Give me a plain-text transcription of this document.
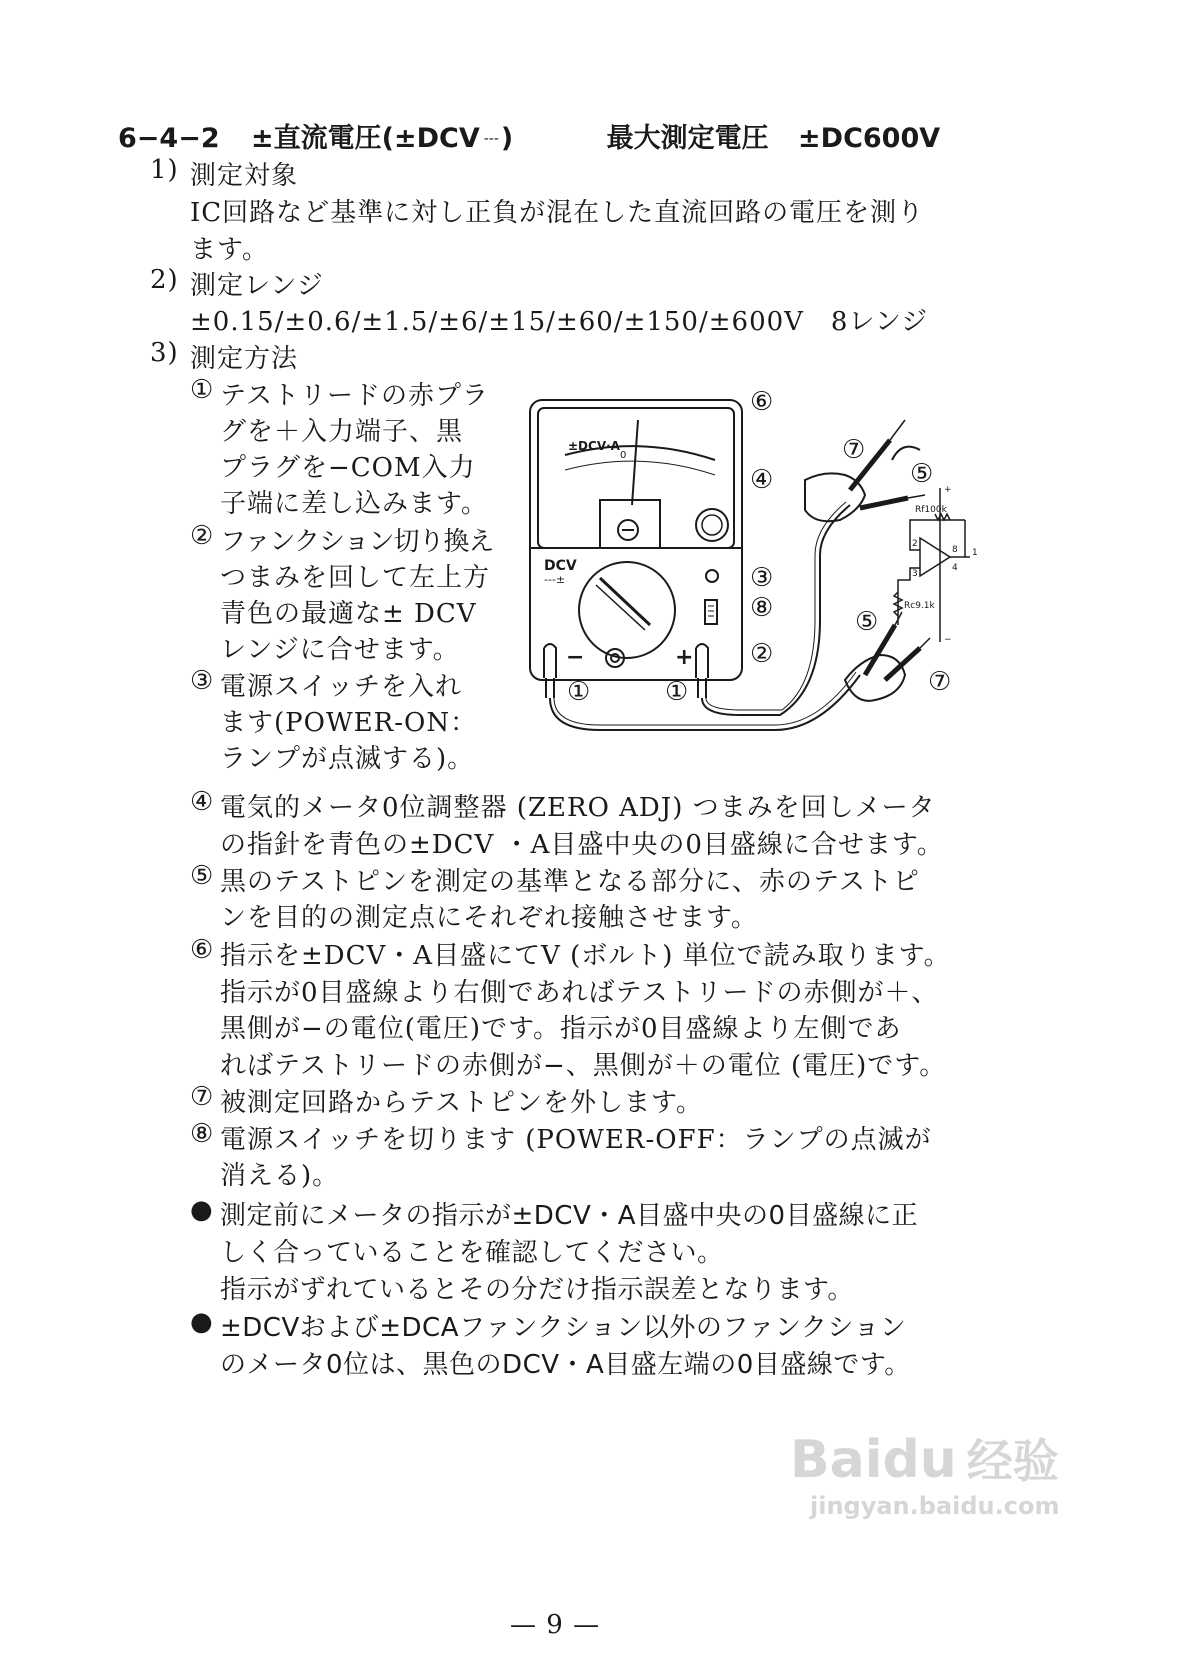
6−4−2 ±直流電圧(±DCV ---)	最大測定電圧 ±DC600V
1) 測定対象
IC回路など基準に対し正負が混在した直流回路の電圧を測り
ます。
2) 測定レンジ
±0.15/±0.6/±1.5/±6/±15/±60/±150/±600V　8レンジ
3) 測定方法
① テストリードの赤プラ
グを＋入力端子、黒
プラグを−COM入力
子端に差し込みます。
② ファンクション切り換え
つまみを回して左上方
青色の最適な± DCV
レンジに合せます。
③ 電源スイッチを入れ
ます(POWER-ON：
ランプが点滅する)。
±DCV·A
0
DCV
---±
−	+
①	①
②
③
④	⑤
⑤
⑥
⑦
⑦
⑧
+
−
Rf100k
Rc9.1k
2
3
8
4
1
④ 電気的メータ0位調整器 (ZERO ADJ) つまみを回しメータ
の指針を青色の±DCV ・A目盛中央の0目盛線に合せます。
⑤ 黒のテストピンを測定の基準となる部分に、赤のテストピ
ンを目的の測定点にそれぞれ接触させます。
⑥ 指示を±DCV・A目盛にてV (ボルト) 単位で読み取ります。
指示が0目盛線より右側であればテストリードの赤側が＋、
黒側が−の電位(電圧)です。指示が0目盛線より左側であ
ればテストリードの赤側が−、黒側が＋の電位 (電圧)です。
⑦ 被測定回路からテストピンを外します。
⑧ 電源スイッチを切ります (POWER-OFF：ランプの点滅が
消える)。
● 測定前にメータの指示が±DCV・A目盛中央の0目盛線に正
しく合っていることを確認してください。
指示がずれているとその分だけ指示誤差となります。
● ±DCVおよび±DCAファンクション以外のファンクション
のメータ0位は、黒色のDCV・A目盛左端の0目盛線です。
Baidu 经验
jingyan.baidu.com
— 9 —
